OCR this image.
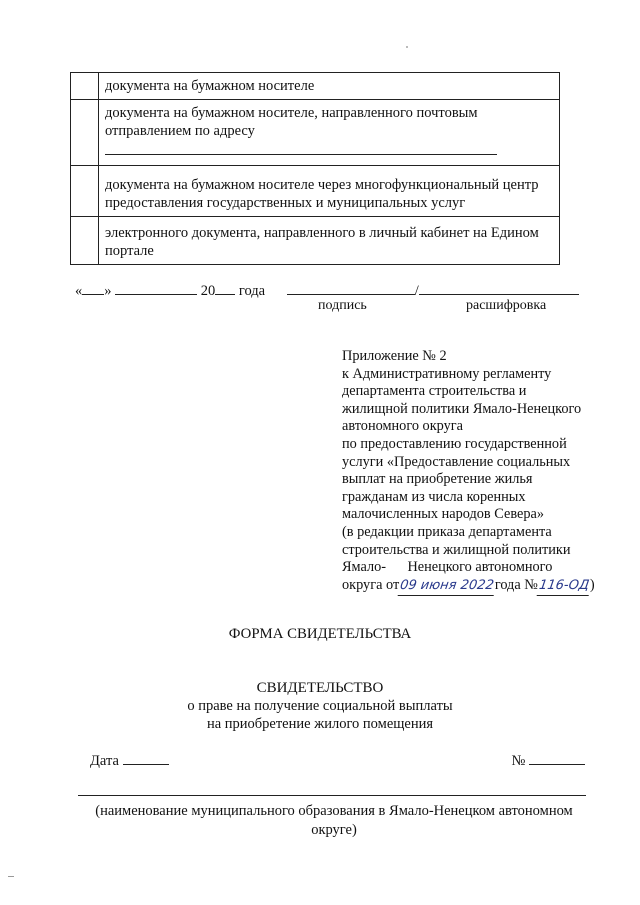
	документа на бумажном носителе

	документа на бумажном носителе, направленного почтовым отправлением по адресу

	документа на бумажном носителе через многофункциональный центр предоставления государственных и муниципальных услуг
	электронного документа, направленного в личный кабинет на Едином портале
« »	20 года	/
подпись	расшифровка
Приложение № 2
к Административному регламенту
департамента строительства и
жилищной политики Ямало-Ненецкого
автономного округа
по предоставлению государственной
услуги «Предоставление социальных
выплат на приобретение жилья
гражданам из числа коренных
малочисленных народов Севера»
(в редакции приказа департамента
строительства и жилищной политики
Ямало-      Ненецкого автономного
округа от09 июня 2022года №116-ОД)
ФОРМА СВИДЕТЕЛЬСТВА
СВИДЕТЕЛЬСТВО
о праве на получение социальной выплаты
на приобретение жилого помещения
Дата	№
(наименование муниципального образования в Ямало-Ненецком автономном
округе)
